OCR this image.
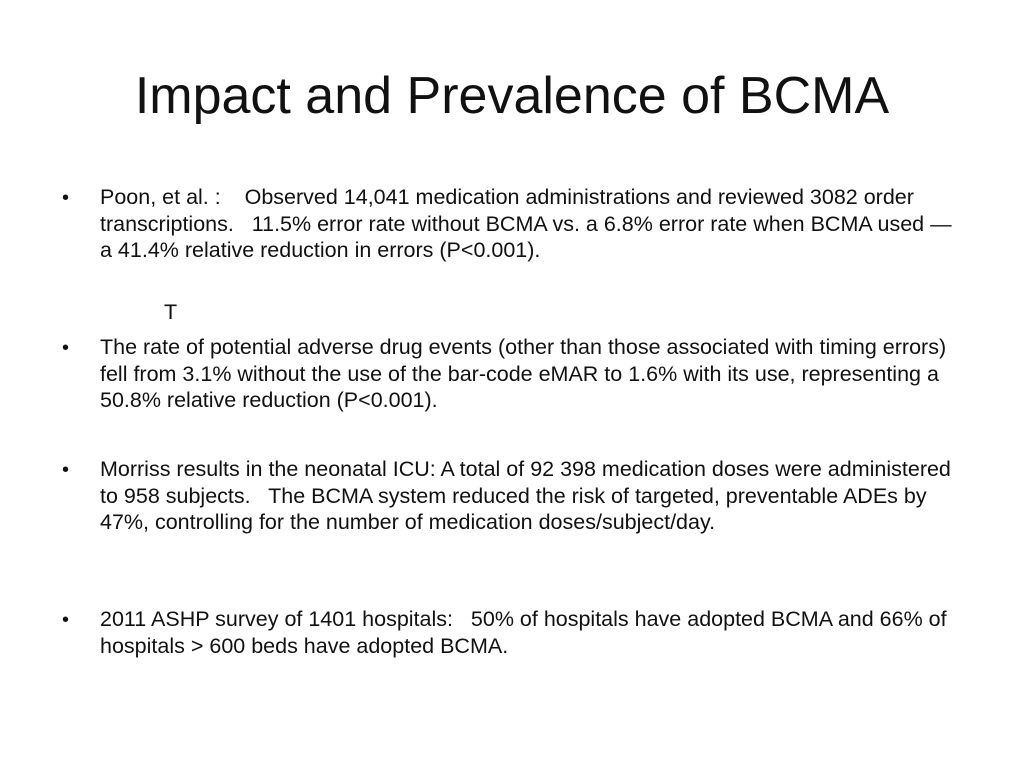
Impact and Prevalence of BCMA
•	Poon, et al. :    Observed 14,041 medication administrations and reviewed 3082 order transcriptions.   11.5% error rate without BCMA vs. a 6.8% error rate when BCMA used — a 41.4% relative reduction in errors (P<0.001).
T
•	The rate of potential adverse drug events (other than those associated with timing errors) fell from 3.1% without the use of the bar-code eMAR to 1.6% with its use, representing a 50.8% relative reduction (P<0.001).
•	Morriss results in the neonatal ICU: A total of 92 398 medication doses were administered to 958 subjects.   The BCMA system reduced the risk of targeted, preventable ADEs by 47%, controlling for the number of medication doses/subject/day.
•	2011 ASHP survey of 1401 hospitals:   50% of hospitals have adopted BCMA and 66% of hospitals > 600 beds have adopted BCMA.
